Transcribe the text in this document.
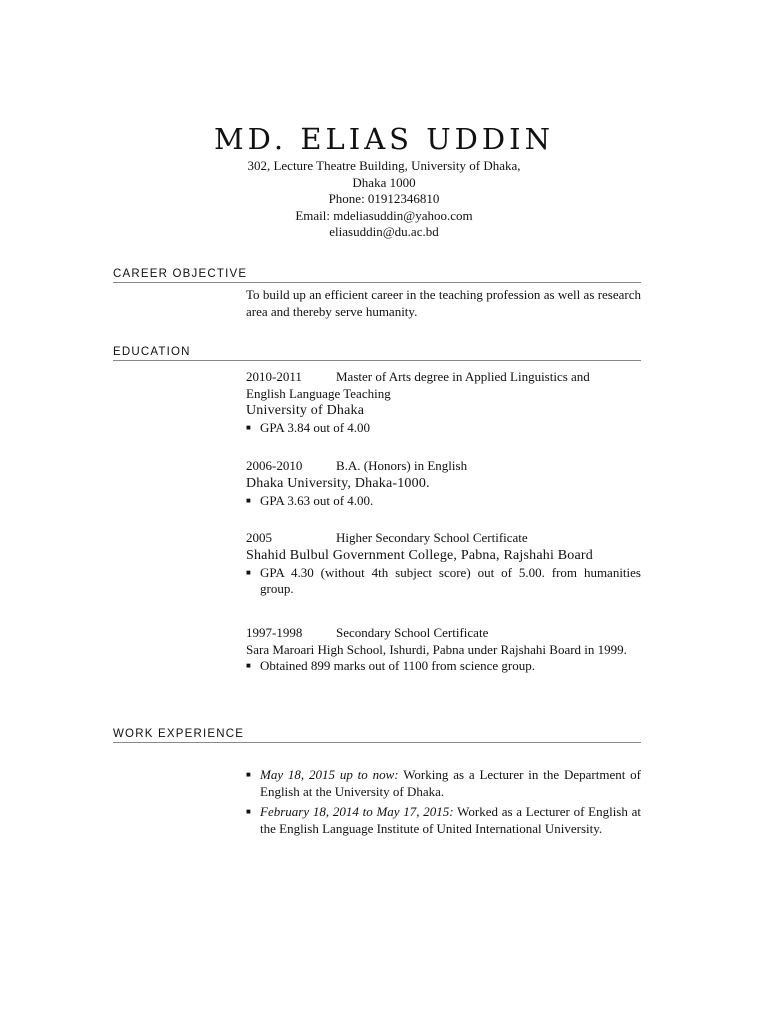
MD. ELIAS UDDIN
302, Lecture Theatre Building, University of Dhaka,
Dhaka 1000
Phone: 01912346810
Email: mdeliasuddin@yahoo.com
eliasuddin@du.ac.bd
CAREER OBJECTIVE
To build up an efficient career in the teaching profession as well as research area and thereby serve humanity.
EDUCATION
2010-2011	Master of Arts degree in Applied Linguistics and
English Language Teaching
University of Dhaka
■ GPA 3.84 out of 4.00
2006-2010	B.A. (Honors) in English
Dhaka University, Dhaka-1000.
■ GPA 3.63 out of 4.00.
2005	Higher Secondary School Certificate
Shahid Bulbul Government College, Pabna, Rajshahi Board
■ GPA 4.30 (without 4th subject score) out of 5.00. from humanities group.
1997-1998	Secondary School Certificate
Sara Maroari High School, Ishurdi, Pabna under Rajshahi Board in 1999.
■ Obtained 899 marks out of 1100 from science group.
WORK EXPERIENCE
■ May 18, 2015 up to now: Working as a Lecturer in the Department of English at the University of Dhaka.
■ February 18, 2014 to May 17, 2015: Worked as a Lecturer of English at the English Language Institute of United International University.
